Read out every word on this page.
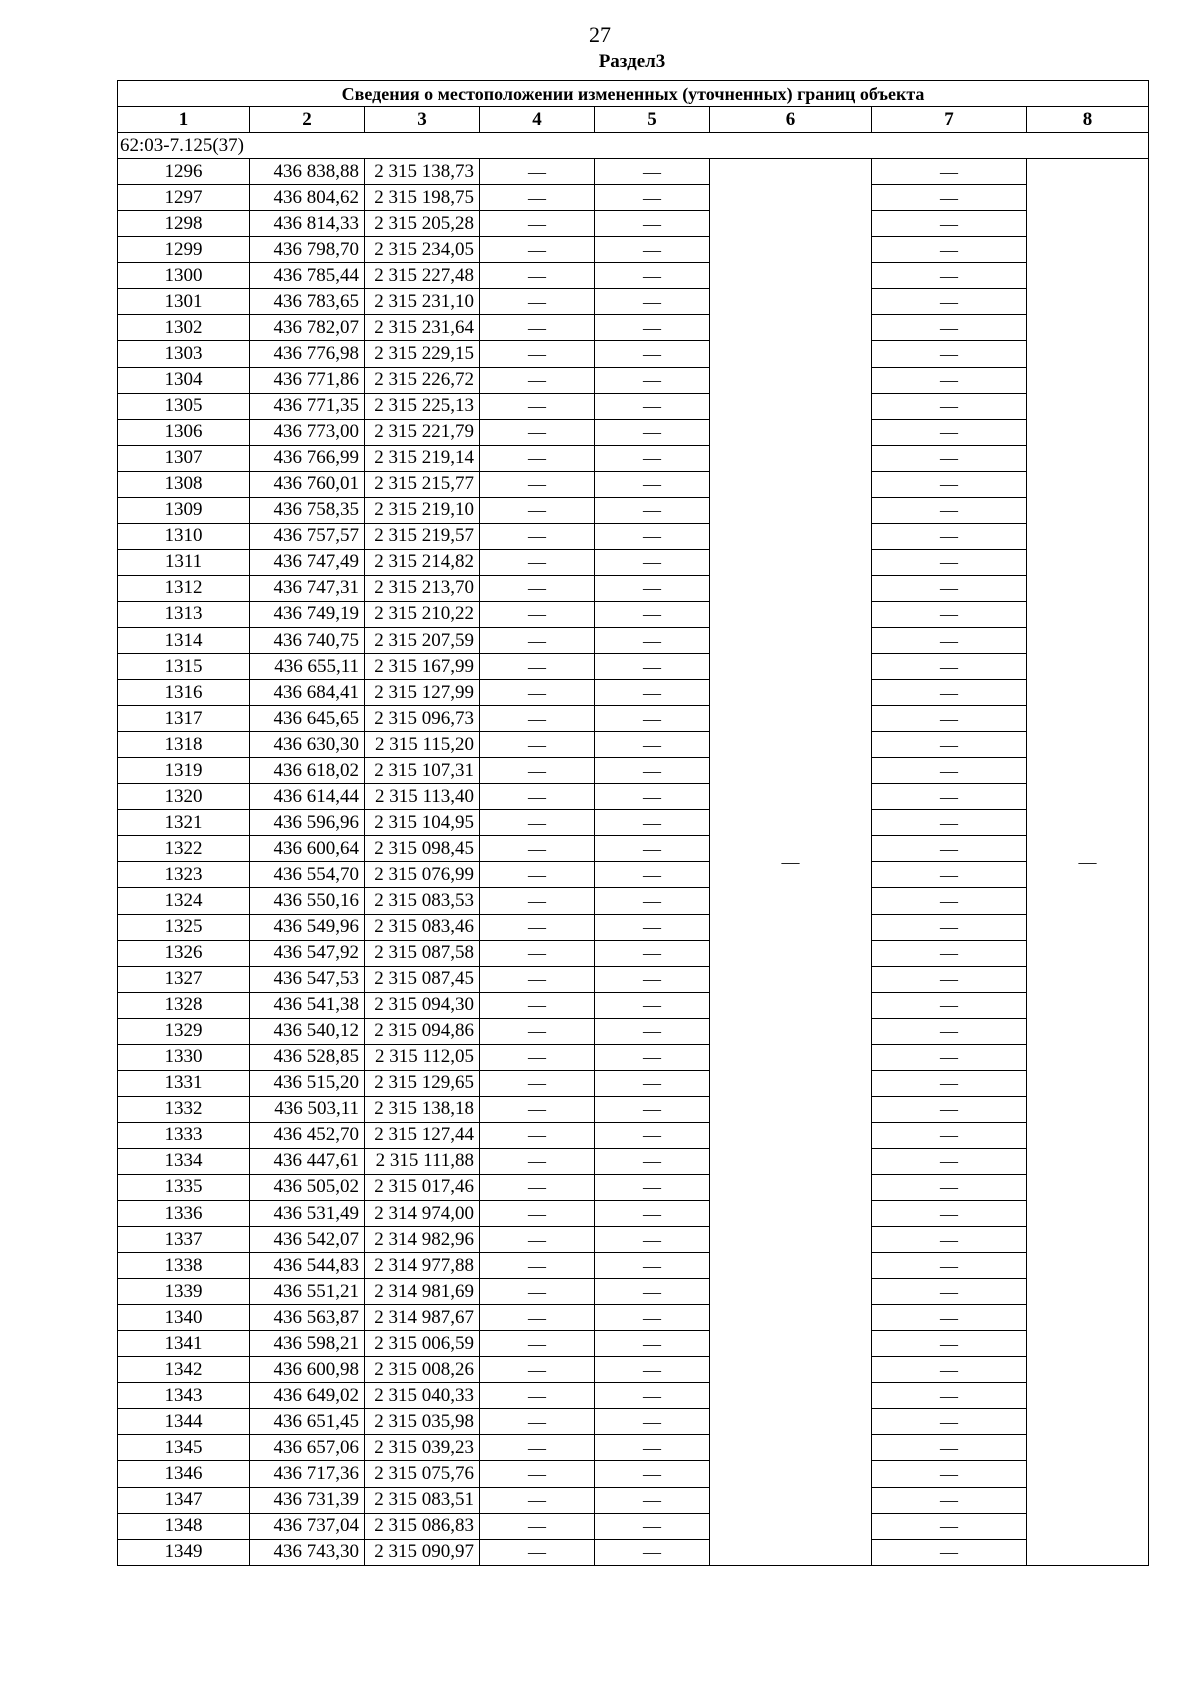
27
Раздел3
Сведения о местоположении измененных (уточненных) границ объекта							
1	2	3	4	5	6	7	8
62:03-7.125(37)							
1296	436 838,88	2 315 138,73	—	—	—	—	—
1297	436 804,62	2 315 198,75	—	—		—	
1298	436 814,33	2 315 205,28	—	—		—	
1299	436 798,70	2 315 234,05	—	—		—	
1300	436 785,44	2 315 227,48	—	—		—	
1301	436 783,65	2 315 231,10	—	—		—	
1302	436 782,07	2 315 231,64	—	—		—	
1303	436 776,98	2 315 229,15	—	—		—	
1304	436 771,86	2 315 226,72	—	—		—	
1305	436 771,35	2 315 225,13	—	—		—	
1306	436 773,00	2 315 221,79	—	—		—	
1307	436 766,99	2 315 219,14	—	—		—	
1308	436 760,01	2 315 215,77	—	—		—	
1309	436 758,35	2 315 219,10	—	—		—	
1310	436 757,57	2 315 219,57	—	—		—	
1311	436 747,49	2 315 214,82	—	—		—	
1312	436 747,31	2 315 213,70	—	—		—	
1313	436 749,19	2 315 210,22	—	—		—	
1314	436 740,75	2 315 207,59	—	—		—	
1315	436 655,11	2 315 167,99	—	—		—	
1316	436 684,41	2 315 127,99	—	—		—	
1317	436 645,65	2 315 096,73	—	—		—	
1318	436 630,30	2 315 115,20	—	—		—	
1319	436 618,02	2 315 107,31	—	—		—	
1320	436 614,44	2 315 113,40	—	—		—	
1321	436 596,96	2 315 104,95	—	—		—	
1322	436 600,64	2 315 098,45	—	—		—	
1323	436 554,70	2 315 076,99	—	—		—	
1324	436 550,16	2 315 083,53	—	—		—	
1325	436 549,96	2 315 083,46	—	—		—	
1326	436 547,92	2 315 087,58	—	—		—	
1327	436 547,53	2 315 087,45	—	—		—	
1328	436 541,38	2 315 094,30	—	—		—	
1329	436 540,12	2 315 094,86	—	—		—	
1330	436 528,85	2 315 112,05	—	—		—	
1331	436 515,20	2 315 129,65	—	—		—	
1332	436 503,11	2 315 138,18	—	—		—	
1333	436 452,70	2 315 127,44	—	—		—	
1334	436 447,61	2 315 111,88	—	—		—	
1335	436 505,02	2 315 017,46	—	—		—	
1336	436 531,49	2 314 974,00	—	—		—	
1337	436 542,07	2 314 982,96	—	—		—	
1338	436 544,83	2 314 977,88	—	—		—	
1339	436 551,21	2 314 981,69	—	—		—	
1340	436 563,87	2 314 987,67	—	—		—	
1341	436 598,21	2 315 006,59	—	—		—	
1342	436 600,98	2 315 008,26	—	—		—	
1343	436 649,02	2 315 040,33	—	—		—	
1344	436 651,45	2 315 035,98	—	—		—	
1345	436 657,06	2 315 039,23	—	—		—	
1346	436 717,36	2 315 075,76	—	—		—	
1347	436 731,39	2 315 083,51	—	—		—	
1348	436 737,04	2 315 086,83	—	—		—	
1349	436 743,30	2 315 090,97	—	—		—	
